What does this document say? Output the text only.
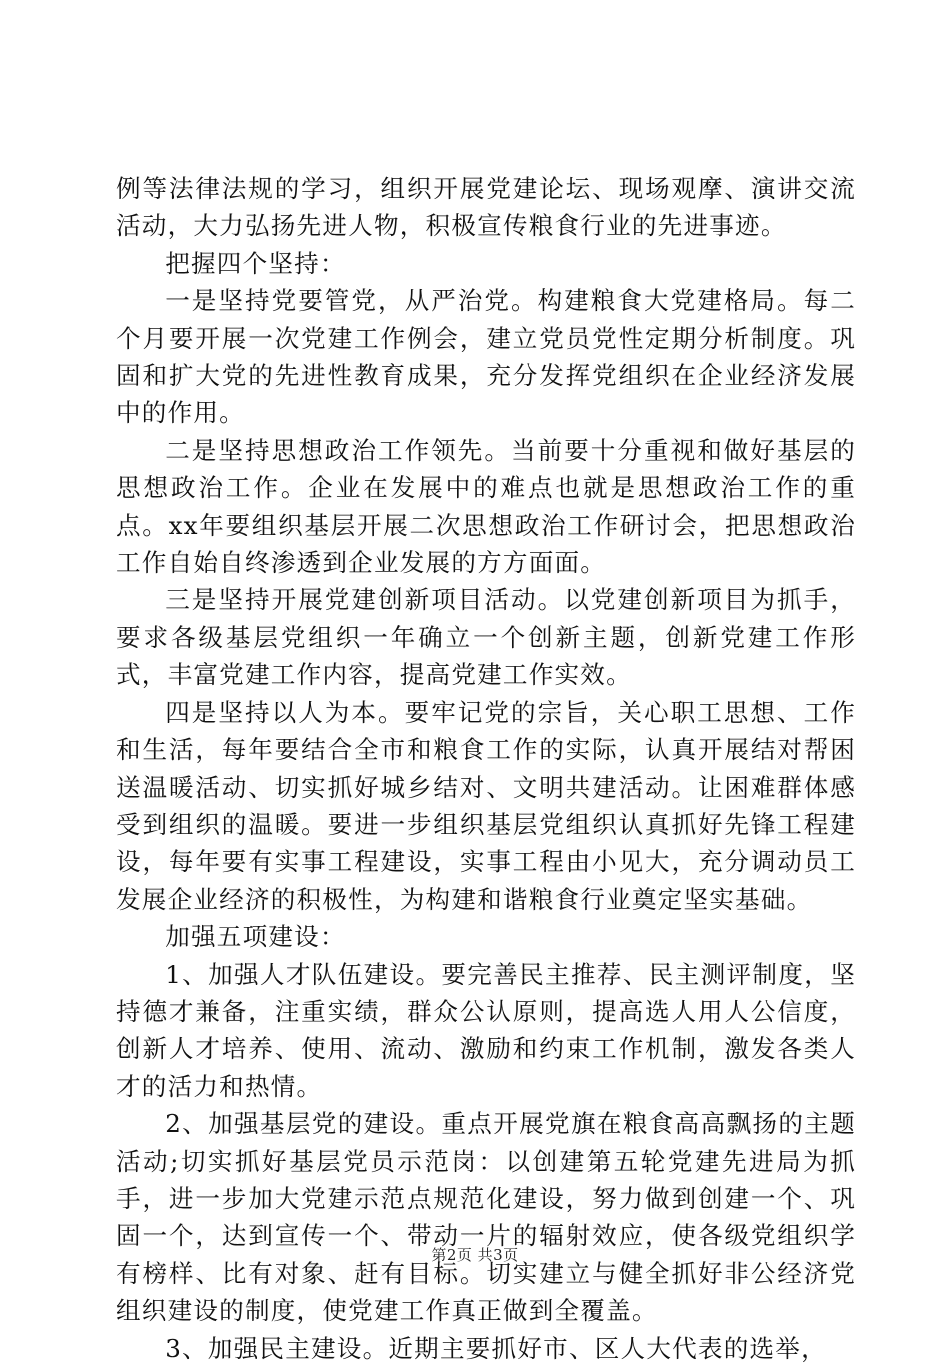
例等法律法规的学习，组织开展党建论坛、现场观摩、演讲交流活动，大力弘扬先进人物，积极宣传粮食行业的先进事迹。

把握四个坚持：

一是坚持党要管党，从严治党。构建粮食大党建格局。每二个月要开展一次党建工作例会，建立党员党性定期分析制度。巩固和扩大党的先进性教育成果，充分发挥党组织在企业经济发展中的作用。

二是坚持思想政治工作领先。当前要十分重视和做好基层的思想政治工作。企业在发展中的难点也就是思想政治工作的重点。xx年要组织基层开展二次思想政治工作研讨会，把思想政治工作自始自终渗透到企业发展的方方面面。

三是坚持开展党建创新项目活动。以党建创新项目为抓手，要求各级基层党组织一年确立一个创新主题，创新党建工作形式，丰富党建工作内容，提高党建工作实效。

四是坚持以人为本。要牢记党的宗旨，关心职工思想、工作和生活，每年要结合全市和粮食工作的实际，认真开展结对帮困送温暖活动、切实抓好城乡结对、文明共建活动。让困难群体感受到组织的温暖。要进一步组织基层党组织认真抓好先锋工程建设，每年要有实事工程建设，实事工程由小见大，充分调动员工发展企业经济的积极性，为构建和谐粮食行业奠定坚实基础。

加强五项建设：

1、加强人才队伍建设。要完善民主推荐、民主测评制度，坚持德才兼备，注重实绩，群众公认原则，提高选人用人公信度，创新人才培养、使用、流动、激励和约束工作机制，激发各类人才的活力和热情。

2、加强基层党的建设。重点开展党旗在粮食高高飘扬的主题活动;切实抓好基层党员示范岗：以创建第五轮党建先进局为抓手，进一步加大党建示范点规范化建设，努力做到创建一个、巩固一个，达到宣传一个、带动一片的辐射效应，使各级党组织学有榜样、比有对象、赶有目标。切实建立与健全抓好非公经济党组织建设的制度，使党建工作真正做到全覆盖。

3、加强民主建设。近期主要抓好市、区人大代表的选举，

第2页 共3页
